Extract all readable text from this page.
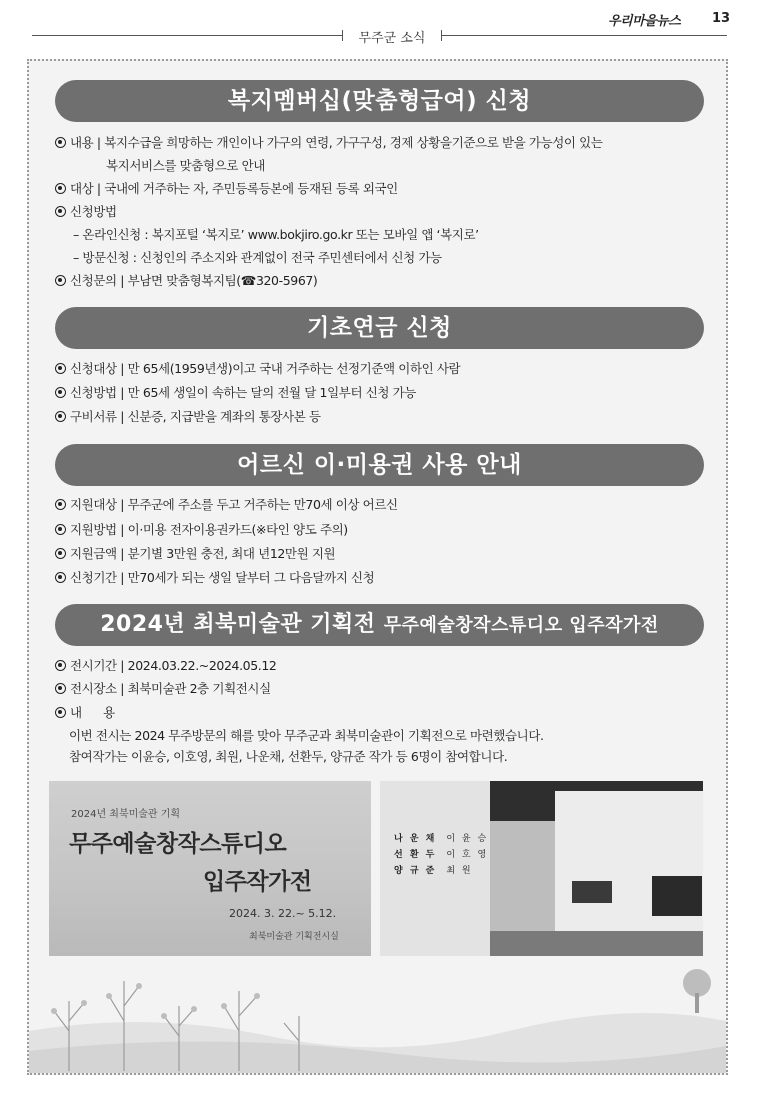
무주군 소식
우리마을뉴스 13
복지멤버십(맞춤형급여) 신청
내용 | 복지수급을 희망하는 개인이나 가구의 연령, 가구구성, 경제 상황을기준으로 받을 가능성이 있는
복지서비스를 맞춤형으로 안내
대상 | 국내에 거주하는 자, 주민등록등본에 등재된 등록 외국인
신청방법
– 온라인신청 : 복지포털 ‘복지로’ www.bokjiro.go.kr 또는 모바일 앱 ‘복지로’
– 방문신청 : 신청인의 주소지와 관계없이 전국 주민센터에서 신청 가능
신청문의 | 부남면 맞춤형복지팀(☎320-5967)
기초연금 신청
신청대상 | 만 65세(1959년생)이고 국내 거주하는 선정기준액 이하인 사람
신청방법 | 만 65세 생일이 속하는 달의 전월 달 1일부터 신청 가능
구비서류 | 신분증, 지급받을 계좌의 통장사본 등
어르신 이·미용권 사용 안내
지원대상 | 무주군에 주소를 두고 거주하는 만70세 이상 어르신
지원방법 | 이·미용 전자이용권카드(※타인 양도 주의)
지원금액 | 분기별 3만원 충전, 최대 년12만원 지원
신청기간 | 만70세가 되는 생일 달부터 그 다음달까지 신청
2024년 최북미술관 기획전 무주예술창작스튜디오 입주작가전
전시기간 | 2024.03.22.~2024.05.12
전시장소 | 최북미술관 2층 기획전시실
내      용
이번 전시는 2024 무주방문의 해를 맞아 무주군과 최북미술관이 기획전으로 마련했습니다.
참여작가는 이윤승, 이호영, 최원, 나운채, 선환두, 양규준 작가 등 6명이 참여합니다.
2024년 최북미술관 기획
무주예술창작스튜디오
입주작가전
2024. 3. 22.~ 5.12.
최북미술관 기획전시실
나 운 채 이 윤 승
선 환 두 이 호 영
양 규 준 최 원
